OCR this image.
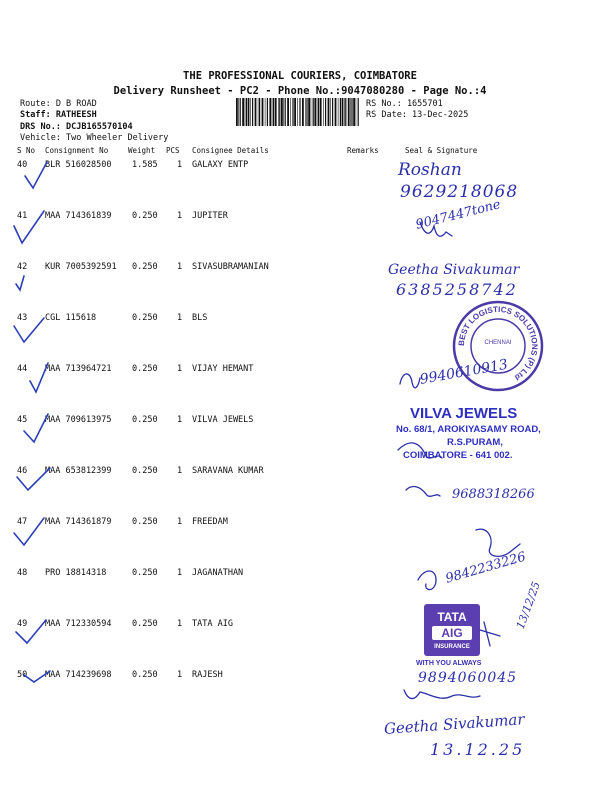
THE PROFESSIONAL COURIERS, COIMBATORE
Delivery Runsheet - PC2 - Phone No.:9047080280 - Page No.:4
Route: D B ROAD
Staff: RATHEESH
DRS No.: DCJB165570104
Vehicle: Two Wheeler Delivery
RS No.: 1655701
RS Date: 13-Dec-2025
S No Consignment No	Weight PCS Consignee Details	Remarks	Seal & Signature
40 BLR 516028500 1.585 1 GALAXY ENTP
41 MAA 714361839 0.250 1 JUPITER
42 KUR 7005392591 0.250 1 SIVASUBRAMANIAN
43 CGL 115618	0.250 1 BLS
44 MAA 713964721 0.250 1 VIJAY HEMANT
45 MAA 709613975 0.250 1 VILVA JEWELS
46 MAA 653812399 0.250 1 SARAVANA KUMAR
47 MAA 714361879 0.250 1 FREEDAM
48 PRO 18814318	0.250 1 JAGANATHAN
49 MAA 712330594 0.250 1 TATA AIG
50 MAA 714239698 0.250 1 RAJESH
BEST LOGISTICS SOLUTIONS (P) Ltd
CHENNAI
VILVA JEWELS
No. 68/1, AROKIYASAMY ROAD,
R.S.PURAM,
COIMBATORE - 641 002.
TATA
AIG
INSURANCE
WITH YOU ALWAYS
Roshan
9629218068
9047447tone
Geetha Sivakumar
6385258742
9940610913
9688318266
9842233226
13/12/25
9894060045
Geetha Sivakumar
13.12.25
